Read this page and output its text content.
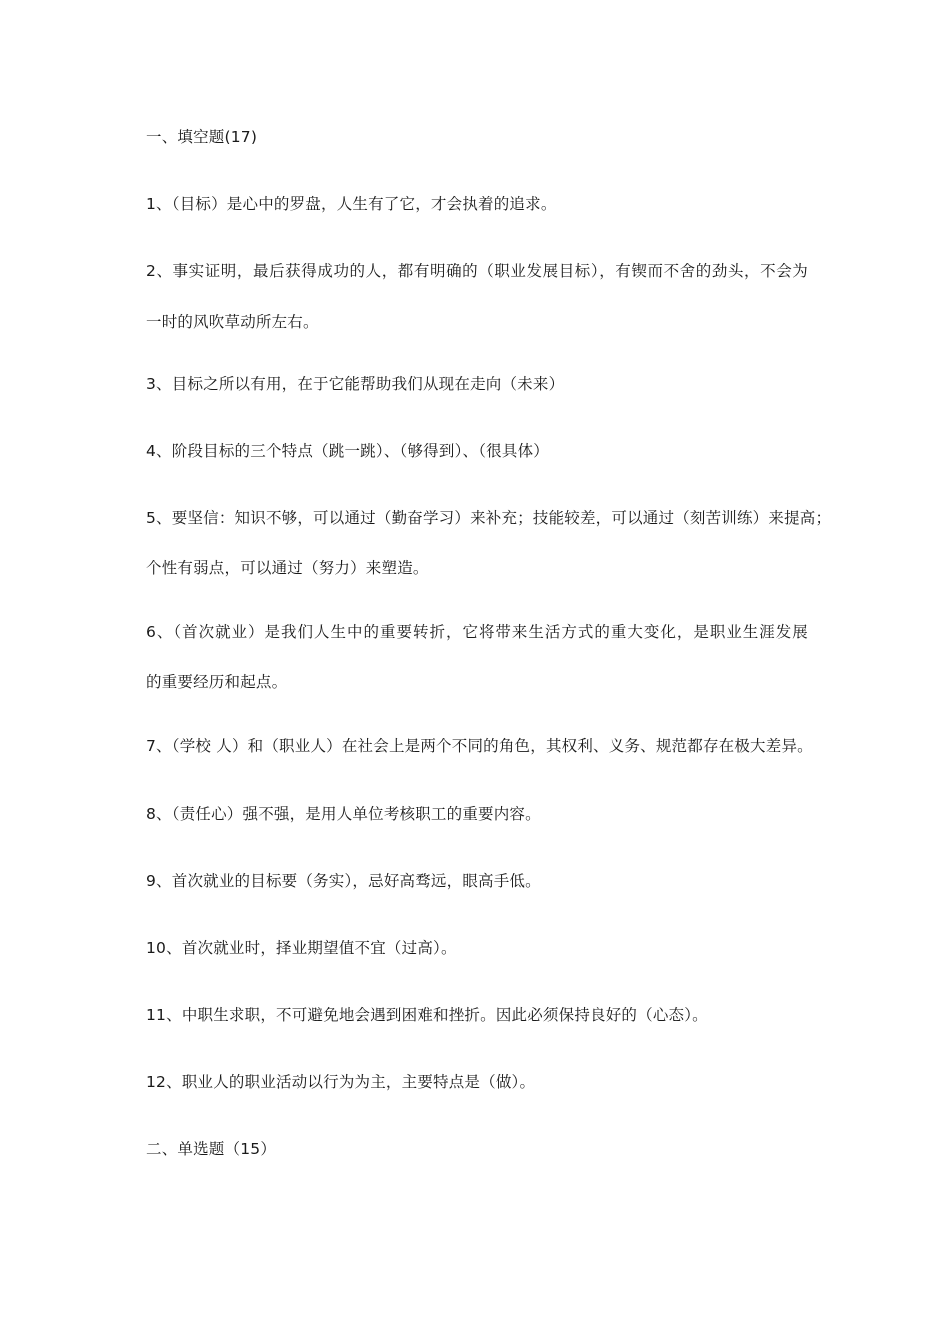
一、填空题(17)
1、（目标）是心中的罗盘，人生有了它，才会执着的追求。
2、事实证明，最后获得成功的人，都有明确的（职业发展目标），有锲而不舍的劲头，不会为
一时的风吹草动所左右。
3、目标之所以有用，在于它能帮助我们从现在走向（未来）
4、阶段目标的三个特点（跳一跳）、（够得到）、（很具体）
5、要坚信：知识不够，可以通过（勤奋学习）来补充；技能较差，可以通过（刻苦训练）来提高；
个性有弱点，可以通过（努力）来塑造。
6、（首次就业）是我们人生中的重要转折，它将带来生活方式的重大变化，是职业生涯发展
的重要经历和起点。
7、（学校 人）和（职业人）在社会上是两个不同的角色，其权利、义务、规范都存在极大差异。
8、（责任心）强不强，是用人单位考核职工的重要内容。
9、首次就业的目标要（务实），忌好高骛远，眼高手低。
10、首次就业时，择业期望值不宜（过高）。
11、中职生求职，不可避免地会遇到困难和挫折。因此必须保持良好的（心态）。
12、职业人的职业活动以行为为主，主要特点是（做）。
二、单选题（15）
